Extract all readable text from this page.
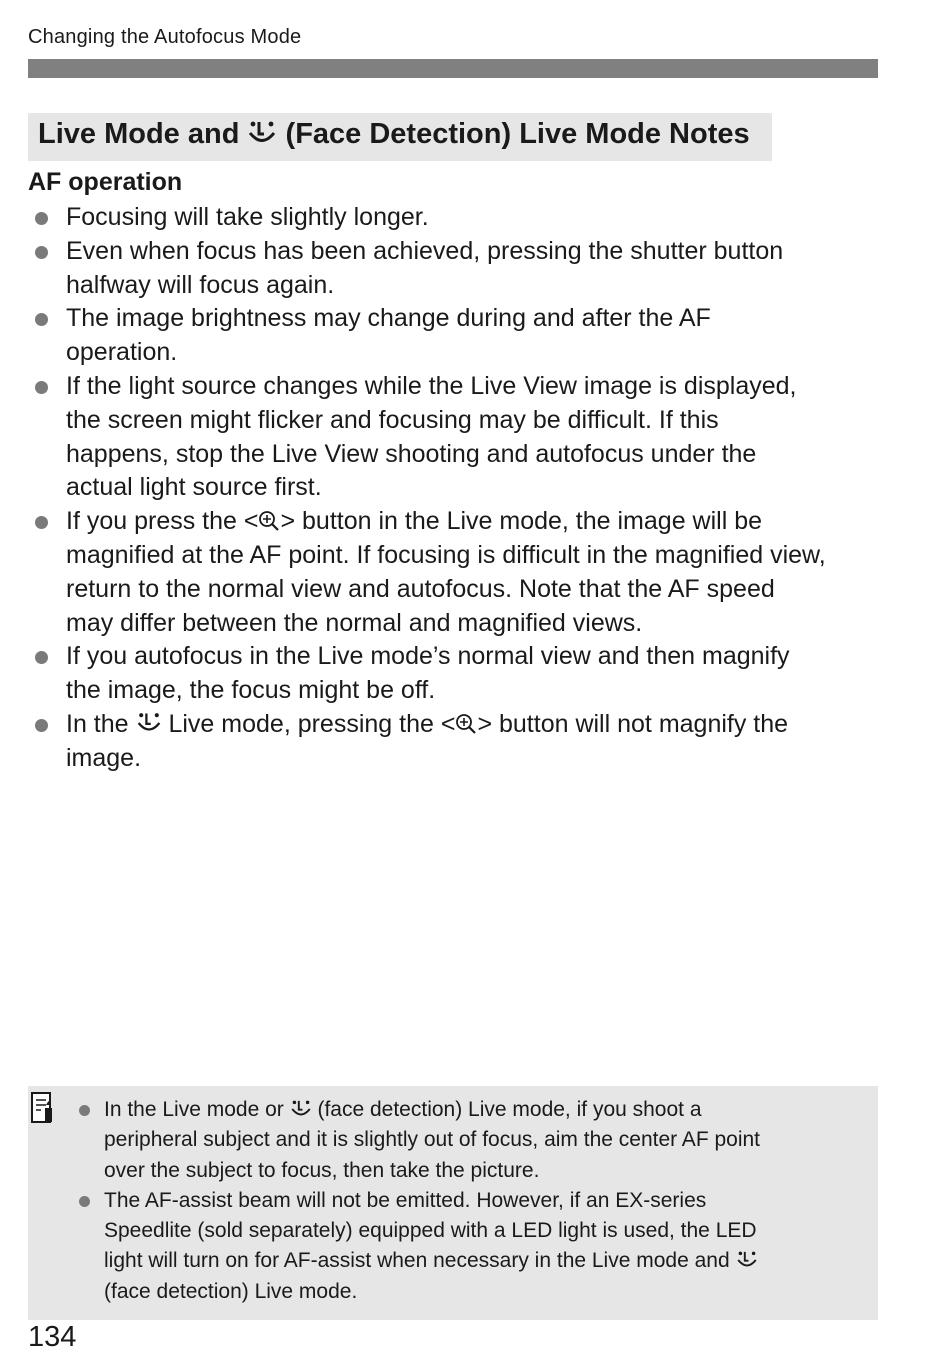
Changing the Autofocus Mode
Live Mode and (Face Detection) Live Mode Notes
AF operation
Focusing will take slightly longer.
Even when focus has been achieved, pressing the shutter button
halfway will focus again.
The image brightness may change during and after the AF
operation.
If the light source changes while the Live View image is displayed,
the screen might flicker and focusing may be difficult. If this
happens, stop the Live View shooting and autofocus under the
actual light source first.
If you press the < > button in the Live mode, the image will be
magnified at the AF point. If focusing is difficult in the magnified view,
return to the normal view and autofocus. Note that the AF speed
may differ between the normal and magnified views.
If you autofocus in the Live mode’s normal view and then magnify
the image, the focus might be off.
In the Live mode, pressing the < > button will not magnify the
image.
In the Live mode or (face detection) Live mode, if you shoot a
peripheral subject and it is slightly out of focus, aim the center AF point
over the subject to focus, then take the picture.
The AF-assist beam will not be emitted. However, if an EX-series
Speedlite (sold separately) equipped with a LED light is used, the LED
light will turn on for AF-assist when necessary in the Live mode and
(face detection) Live mode.
134
